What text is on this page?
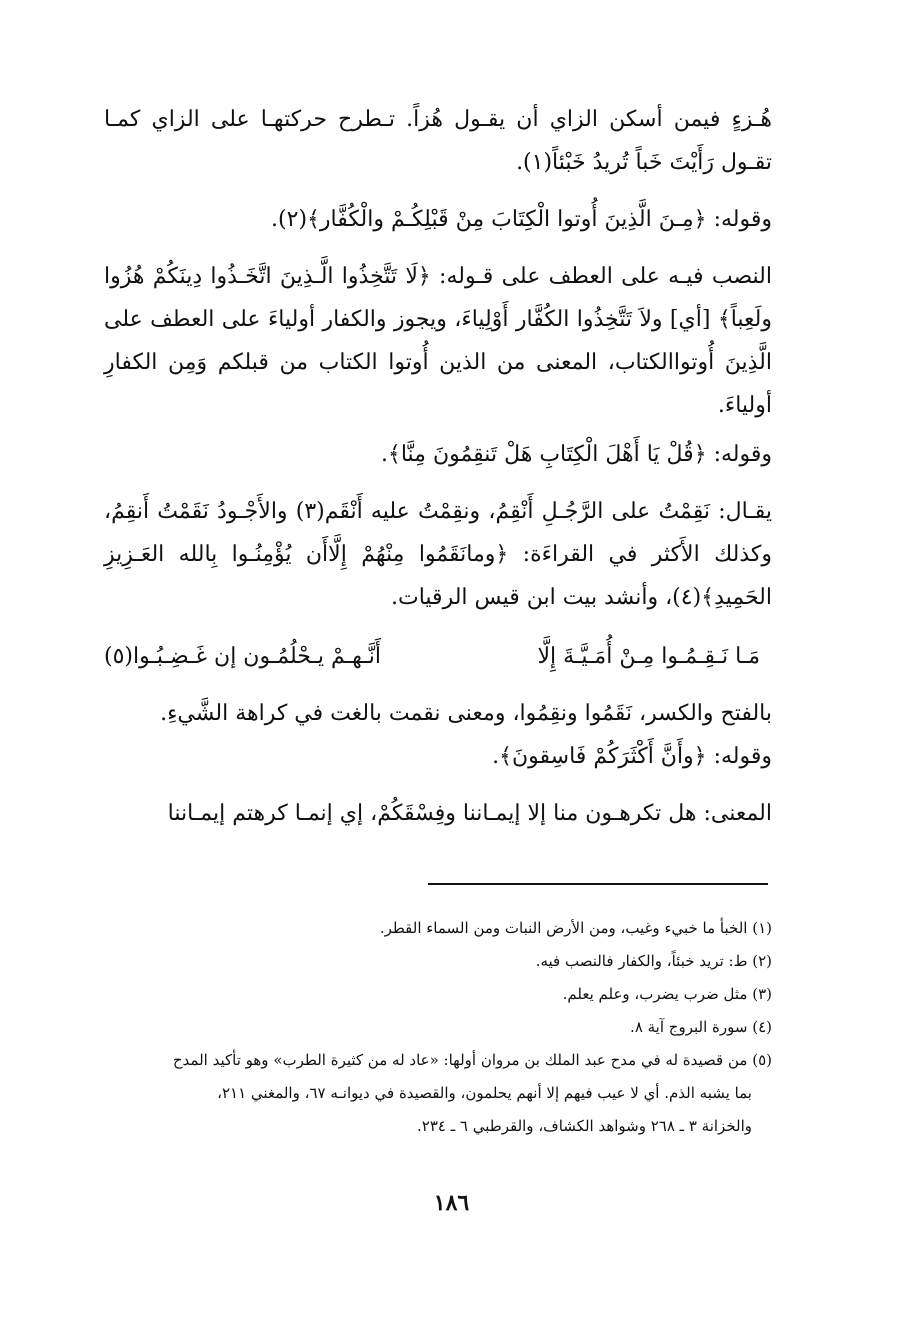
هُـزءٍ فيمن أسكن الزاي أن يقـول هُزاً. تـطرح حركتهـا على الزاي كمـا تقـول رَأَيْتَ خَباً تُريدُ خَبْئاً(١).

وقوله: ﴿مِـنَ الَّذِينَ أُوتوا الْكِتَابَ مِنْ قَبْلِكُـمْ والْكُفَّار﴾(٢).

النصب فيـه على العطف على قـوله: ﴿لَا تَتَّخِذُوا الَّـذِينَ اتَّخَـذُوا دِينَكُمْ هُزُوا ولَعِباً﴾ [أي] ولاَ تَتَّخِذُوا الكُفَّار أَوْلِياءَ، ويجوز والكفار أولياءَ على العطف على الَّذِينَ أُوتواالكتاب، المعنى من الذين أُوتوا الكتاب من قبلكم وَمِن الكفارِ أولياءَ.

وقوله: ﴿قُلْ يَا أَهْلَ الْكِتَابِ هَلْ تَنقِمُونَ مِنَّا﴾.

يقـال: نَقِمْتُ على الرَّجُـلِ أَنْقِمُ، ونقِمْتُ عليه أَنْقَم(٣) والأَجْـودُ نَقَمْتُ أَنقِمُ، وكذلك الأَكثر في القراءَة: ﴿ومانَقَمُوا مِنْهُمْ إِلَّاأَن يُؤْمِنُـوا بِالله العَـزِيزِ الحَمِيدِ﴾(٤)، وأنشد بيت ابن قيس الرقيات.

مَـا نَـقِـمُـوا مِـنْ أُمَـيَّـةَ إِلَّا
أَنَّـهـمْ يـحْلُمُـون إن غَـضِـبُـوا(٥)

بالفتح والكسر، نَقَمُوا ونقِمُوا، ومعنى نقمت بالغت في كراهة الشَّيءِ.

وقوله: ﴿وأَنَّ أَكْثَرَكُمْ فَاسِقونَ﴾.

المعنى: هل تكرهـون منا إلا إيمـاننا وفِسْقَكُمْ، إي إنمـا كرهتم إيمـاننا

(١) الخبأ ما خبيء وغيب، ومن الأرض النبات ومن السماء القطر.

(٢) ط: تريد خبئاً، والكفار فالنصب فيه.

(٣) مثل ضرب يضرب، وعلم يعلم.

(٤) سورة البروج آية ٨.

(٥) من قصيدة له في مدح عبد الملك بن مروان أولها: «عاد له من كثيرة الطرب» وهو تأكيد المدح

بما يشبه الذم. أي لا عيب فيهم إلا أنهم يحلمون، والقصيدة في ديوانـه ٦٧، والمغني ٢١١،

والخزانة ٣ ـ ٢٦٨ وشواهد الكشاف، والقرطبي ٦ ـ ٢٣٤.

١٨٦
